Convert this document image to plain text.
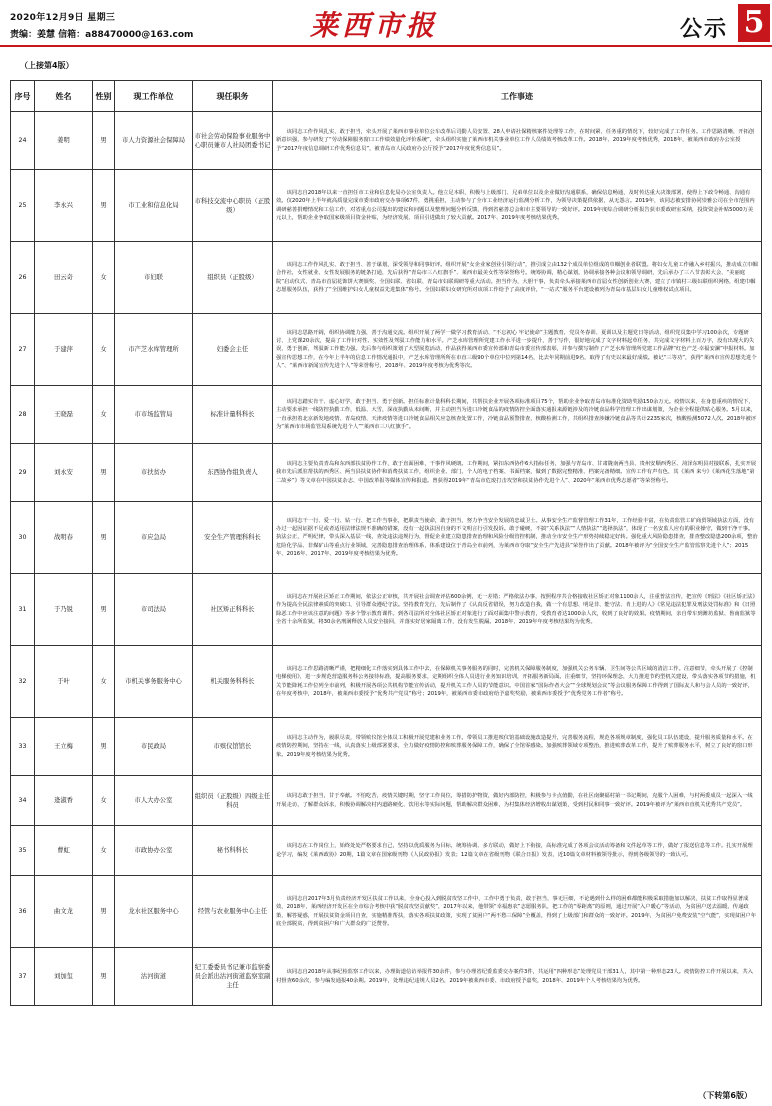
2020年12月9日 星期三
责编：姜慧 信箱：a88470000@163.com	莱西市报	公示 5
（上接第4版）
序号	姓名	性别	现工作单位	现任职务	工作事迹
24	姜明	男	市人力资源社会保障局	市社会劳动保险事业服务中心职员兼市人社局团委书记	该同志工作作风扎实，敢于担当，牵头开展了莱西市事业单位公车改革后司勤人员安置、28人申请社保精核案件处理等工作，在时间紧、任务重的情况下，较好完成了工作任务。工作思路清晰，开拓创新意识强，参与研发了“劳动保障服务窗口工作绩效量化评价系统”，牵头组织实施了莱西市机关事业单位工作人员绩效考核改革工作。2018年、2019年度考核优秀，2018年，被莱西市政府办公室授予“2017年度信息调研工作优秀信息员”，被青岛市人民政府办公厅授予“2017年度优秀信息员”。
25	李永兴	男	市工业和信息化局	市科技交流中心职员（正股级）	该同志自2018年以来一直担任市工业和信息化局办公室负责人。他立足本职，积极与上级部门、兄弟单位以及企业做好沟通联系，确保信息畅通，及时传达重大决策部署，使得上下政令畅通、沟通有效。仅2020年上半年就高质量完成市委市政府交办事项67件，勇挑重担，主动参与了全市工业经济运行监测分析工作，为领导决策提供依据，从无怨言。2019年，该同志被安排协同崇雅公司在全市范围内调研慈善捐赠情况和工信工作，对省重点公司提出的建议和问题以及整理问题分析反馈，得到省慈善总会和市主要领导的一致好评。2019年度综合调研分析报告获市委政研室采纳，投资资金补贴5000万美元以上，帮助企业争取国家级项目资金补贴，为经济发展、项目引进做出了较大贡献。2017年、2019年度考核结果优秀。
26	田云奇	女	市妇联	组织员（正股级）	该同志工作作风扎实、敢于担当、善于谋划，深受领导和同事好评。组织开展“女企业家创业引领行动”，推引成立由132个成员单位组成的巾帼创业者联盟。将妇女儿童工作融入乡村振兴，推动成立巾帼合作社，女性就业、女性发展服务的链条打通，先后获得“青岛市三八红旗手”、莱西市最美女性等荣誉称号。统筹协调，精心谋划，协调承接各种会议和领导调研，先后承办了三八节表彰大会、“美丽庭院”启动仪式、青岛市首届花饰饼大赛颁奖、全国妇联、省妇联、青岛市妇联调研等重大活动。担当作为，大胆干事，负责牵头承接莱西市首届女性创新创业大赛，建立了市镇村三级妇联组织网络，组建巾帼志愿服务队伍，获得了“全国维护妇女儿童权益先进集体”称号。全国妇联妇女研究所对该项工作给予了高度评价，“一站式”服务平台建设被列为青岛市基层妇女儿童维权试点项目。
27	于建萍	女	市产芝水库管理所	妇委会主任	该同志思路开阔，组织协调能力强，善于沟通交流。组织开展了两学一做学习教育活动、“不忘初心 牢记使命”主题教育，党员冬春训、夏训以及主题党日等活动，组织党员集中学习100余次，专题研讨、上党课20余次，提高了工作针对性、实效性及驾驭工作能力和水平。产芝水库管理所党建工作水平进一步提升，善于写作，很好地完成了文字材料起草任务，共完成文字材料上百万字，没有出现大的失误，勇于创新，驾驭新工作能力强。先后参与组织策划了大型展览活动，作品获得莱西市委宣传部和青岛市委宣传部表彰，并参与撰写制作了产芝水库管理所党建工作品牌“红色产芝·幸福安澜”申报材料。加强宣传思想工作，在今年上半年的信息工作情况通报中，产芝水库管理所所在市直三级90个单位中位列第14名，比去年同期前进9名，取得了有史以来最好成绩。被记“三等功”，获得“莱西市宣传思想先进个人”、“莱西市新闻宣传先进个人”等荣誉称号，2018年、2019年度考核为优秀等次。
28	王晓磊	女	市市场监管局	标准计量科科长	该同志踏实肯干、虚心好学，敢于担当、勇于创新。担任标准计量科科长期间，共帮扶企业开展各项标准项目75个，帮助企业争取青岛市标准化资助奖励150余万元。疫情以来，在身患重疾的情况下，主动要求承担一线防控执勤工作，低温、大雪，深夜执勤从未间断，并主动担当为进口冷链食品的疫情防控全面落实通报来源链涉及的冷链食品科学管理工作出谋划策，为企业全程提供贴心服务。5月以来，一直承担着北京新发地疫情、青岛疫情、天津疫情等进口冷链食品相关应急核查处置工作，冷链食品预警排查，核酸检测工作，共组织排查涉嫌冷链食品等共计2235家次，核酸检测5072人次。2018年被评为“莱西市市场监管局系统先进个人”“莱西市三八红旗手”。
29	刘永安	男	市扶贫办	东西协作组负责人	该同志主要负责青岛和东西部扶贫协作工作，敢于直面困难，干事作风硬朗。工作期间，紧扣东西协作6大指标任务，加强与青岛市、甘肃陇南两当县、贵州安顺西秀区、菏泽东明县对接联系，扎实开展我市先后派驻帮扶的西秀区、两当县扶贫协作和消费扶贫工作，组织企业、部门、个人的电子档案、书面档案，做到了数据完整精准、档案完备精细。宣传工作有声有色，其《莱西 来兮》《莱西花生落地“第二故乡”》等文章在中国扶贫杂志、中国改革报等媒体宣传和报道。曾获得2019年“青岛市危废打击攻坚和扶贫协作先进个人”、2020年“莱西市优秀志愿者”等荣誉称号。
30	战明春	男	市应急局	安全生产管理科科长	该同志干一行、爱一行、钻一行、把工作当事业，把职责当使命，敢于担当，努力争当安全发展的忠诚卫士。从事安全生产监督管理工作31年，工作经验丰富，在负责监管工矿商贸领域执法方面，没有办过一起因证据不足或者适用法律法规不准确的错案，没有一起执法因自身的不文明言行引发投诉。敢于碰硬，不搞“关系执法”“人情执法”“选择执法”，体现了一名安监人应有的职业操守，做到干净干事。执法公正，严明纪律，带头深入基层一线，查处违法违规行为，督促企业建立隐患排查治理和风险分级管控机制，推动全市安全生产形势持续稳定好转。强化重大风险隐患排查，排查整改隐患200余项，整治危险化学品、非煤矿山等重点行业领域，完善隐患排查治理体系，体系建设位于青岛全市前列，为莱西市夺取“安全生产先进县”荣誉作出了贡献。2018年被评为“全国安全生产监管监察先进个人”；2015年、2016年、2017年、2019年度考核结果为优秀。
31	于乃锐	男	市司法局	社区矫正科科长	该同志在开展社区矫正工作期间，依法公正审核，共开展社会调查评估600余例，无一差错；严格依法办事，按照程序共合格接收社区矫正对象1100余人，注重普法宣传，把宣传《刑法》《社区矫正法》作为提高全民法律素质的突破口，引导群众遵纪守法。坚持教育先行，先后制作了《认真反省错误，努力改造自我，做一个有思想、明是非、能守法、肯上进的人》《常见违法犯罪及刑法处罚标准》和《日照除恶工作中应该注意的问题》等多个警示教育课件。到各司法所对全体社区矫正对象进行了面对面集中警示教育，受教育者达1000余人次，收到了良好的效果。疫情期间，亲自带车到潍坊监狱、鲁南监狱等全省十余所监狱，将30余名刑满释放人员安全接回，并落实好居家隔离工作，没有发生脱漏。2018年、2019年年度考核结果均为优秀。
32	于叶	女	市机关事务服务中心	机关服务科科长	该同志工作思路清晰严谨，把精细化工作落实到具体工作中去，在保障机关事务服务的同时，完善机关保障服务制度，加强机关公务车辆、卫生间等公共区域的清洁工作。注意细节，牵头开展了《控制电梯使用》，进一步规范营造服务科公务接待标准，提高服务要求，定期组织全体人员进行业务知识培训，开拓服务新局面。注重细节，坚持环保理念，大力推进节约型机关建设，带头落实各项节约措施，机关节能降耗工作位列全市前列，积极开展各项公共机构节能宣传活动，提升机关工作人员的节能意识。中国首家“国际作者大会”“全球规划会议”等会议服务保障工作得到了国际友人和与会人员的一致好评，在年度考核中，2018年，被莱西市委授予“优秀共产党员”称号；2019年，被莱西市委市政府给予嘉奖奖励，被莱西市委授予“优秀党务工作者”称号。
33	王立梅	男	市民政局	市殡仪馆馆长	该同志主动作为，履职尽责，带领殡仪馆全体员工积极开展党建和业务工作。带领员工推进殡仪馆基础设施改造提升，完善服务流程，规范各项规章制度，强化员工队伍建设，提升服务质量和水平。在疫情防控期间，坚持在一线，认真落实上级部署要求，全力做好疫情防控和殡葬服务保障工作，确保了全馆零感染。加强殡葬领域专项整治，推进殡葬改革工作，提升了殡葬服务水平，树立了良好的窗口形象。2019年度考核结果为优秀。
34	逄淑香	女	市人大办公室	组织员（正股级）四级主任科员	该同志敢于担当，甘于奉献。不怕吃苦，疫情关键时期，坚守工作岗位，筹措防护物资，做好内部防控，积极参与卡点值勤，在社区南聚福村第一书记期间，克服个人困难，与村两委成员一起深入一线开展走访，了解群众诉求，积极协调解决村内道路硬化、饮用水等实际问题，帮助解决群众困难，为村集体经济增收出谋划策，受到村民和同事一致好评。2019年被评为“莱西市直机关优秀共产党员”。
35	曹虹	女	市政协办公室	秘书科科长	该同志在工作岗位上，始终处处严格要求自己，坚持以优质服务为目标，统筹协调、多方联动，做好上下衔接，高标准完成了各项会议活动筹备和文件起草等工作，做好了报送信息等工作。扎实开展理论学习，编发《莱西政协》20期，1篇文章在国家级刊物《人民政协报》发表；12篇文章在省级刊物《联合日报》发表，近10篇文章材料被领导批示，得到各级领导的一致认可。
36	曲文龙	男	龙水社区服务中心	经管与农业服务中心主任	该同志自2017年3月负责经济开发区扶贫工作以来，全身心投入到脱贫攻坚工作中，工作中勇于负责，敢于担当，事无巨细，不论遇到什么样的困难都能积极采取措施加以解决，扶贫工作取得显著成效，2018年，莱西经济开发区在全市综合考核中获“脱贫攻坚贡献奖”，2017年以来，他带领“幸福惠农”志愿服务队，把工作的“零距离”的原则，通过开展“入户暖心”等活动，为贫困户送去温暖、传递政策、解答疑惑，开展扶贫资金项目自查，实施精准帮扶，落实各项扶贫政策，实现了贫困户“两不愁三保障”全覆盖，得到了上级部门和群众的一致好评。2019年，为贫困户免费安装“空气能”，实现贫困户年底全部脱贫，得到贫困户和广大群众的广泛赞誉。
37	刘加玺	男	沽河街道	纪工委委员书记兼市监察委员会派出沽河街道监察室副主任	该同志自2018年从事纪检监察工作以来，办理街道信访举报件30余件，参与办理省纪委监委交办案件3件，共运用“四种形态”处理党员干部31人，其中第一种形态23人。疫情防控工作开展以来，共入村督查60余次，参与编发通报40余期。2019年，处理违纪违规人员2名，2019年被莱西市委、市政府授予嘉奖，2018年、2019年个人考核结果均为优秀。
（下转第6版）
